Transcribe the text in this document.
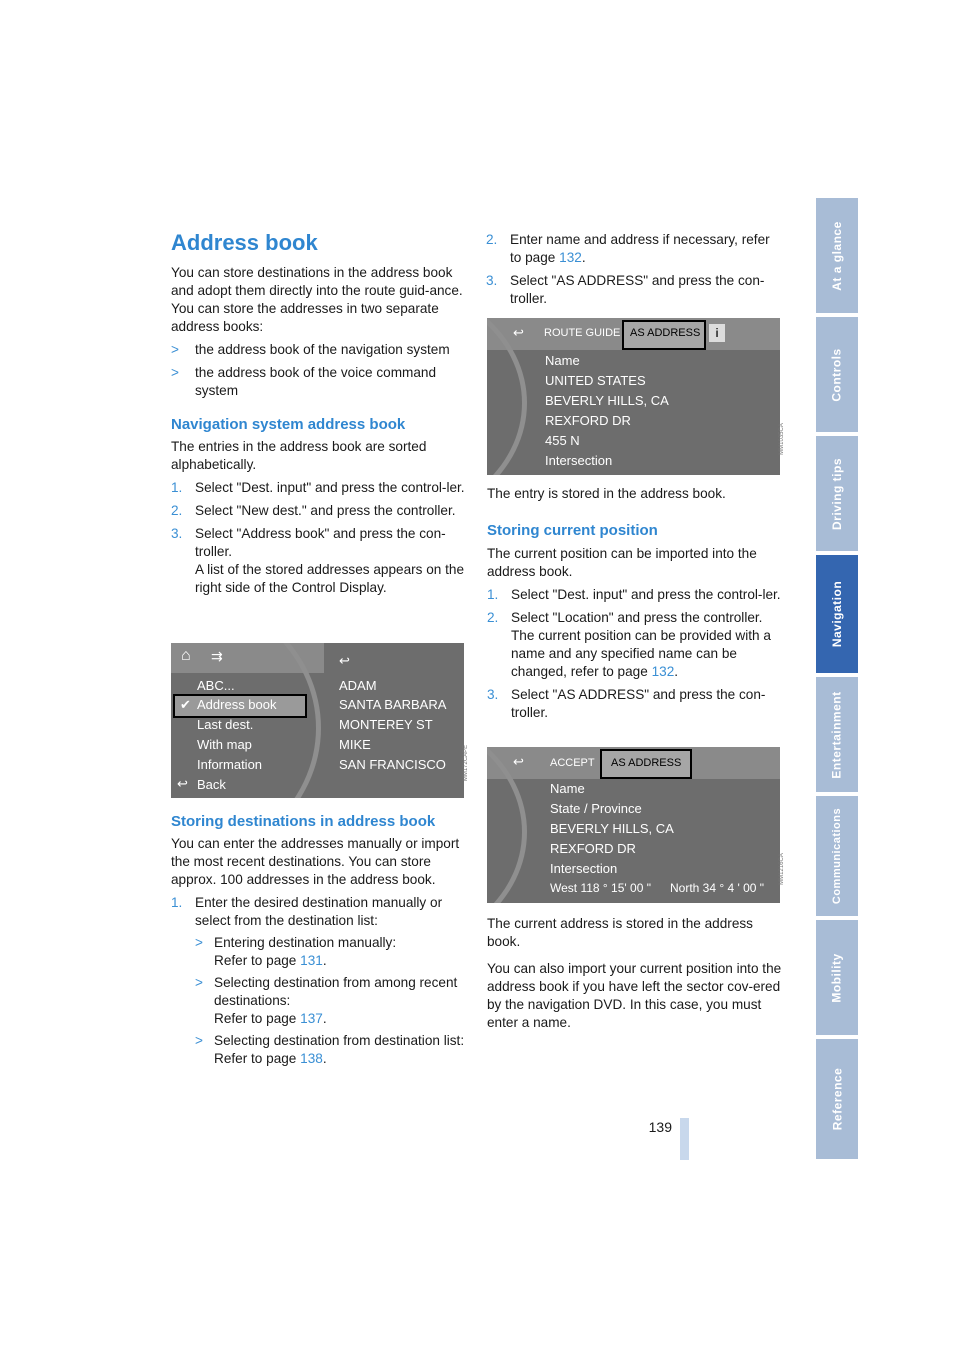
At a glance
Controls
Driving tips
Navigation
Entertainment
Communications
Mobility
Reference
Address book

You can store destinations in the address book and adopt them directly into the route guid-ance.

You can store the addresses in two separate address books:

> the address book of the navigation system
> the address book of the voice command system
Navigation system address book

The entries in the address book are sorted alphabetically.

1. Select "Dest. input" and press the control-ler.
2. Select "New dest." and press the controller.
3. Select "Address book" and press the con-troller.
A list of the stored addresses appears on the right side of the Control Display.
⌂ ⇉
ABC...
✔ Address book
Last dest.
With map
Information
↩ Back
↩
ADAM
SANTA BARBARA
MONTEREY ST
MIKE
SAN FRANCISCO	MM172CAPE
Storing destinations in address book

You can enter the addresses manually or import the most recent destinations. You can store approx. 100 addresses in the address book.

1. Enter the desired destination manually or select from the destination list:
> Entering destination manually:
Refer to page 131.
> Selecting destination from among recent destinations:
Refer to page 137.
> Selecting destination from destination list:
Refer to page 138.
2. Enter name and address if necessary, refer to page 132.
3. Select "AS ADDRESS" and press the con-troller.
↩ ROUTE GUIDE AS ADDRESS	i
Name
UNITED STATES
BEVERLY HILLS, CA
REXFORD DR
455 N
Intersection
MM1035CA

The entry is stored in the address book.

Storing current position

The current position can be imported into the address book.

1. Select "Dest. input" and press the control-ler.
2. Select "Location" and press the controller.
The current position can be provided with a name and any specified name can be changed, refer to page 132.
3. Select "AS ADDRESS" and press the con-troller.
↩ ACCEPT AS ADDRESS
Name
State / Province
BEVERLY HILLS, CA
REXFORD DR
Intersection
West 118 ° 15' 00 " North 34 ° 4 ' 00 "
MM1216CA

The current address is stored in the address book.

You can also import your current position into the address book if you have left the sector cov-ered by the navigation DVD. In this case, you must enter a name.

139
